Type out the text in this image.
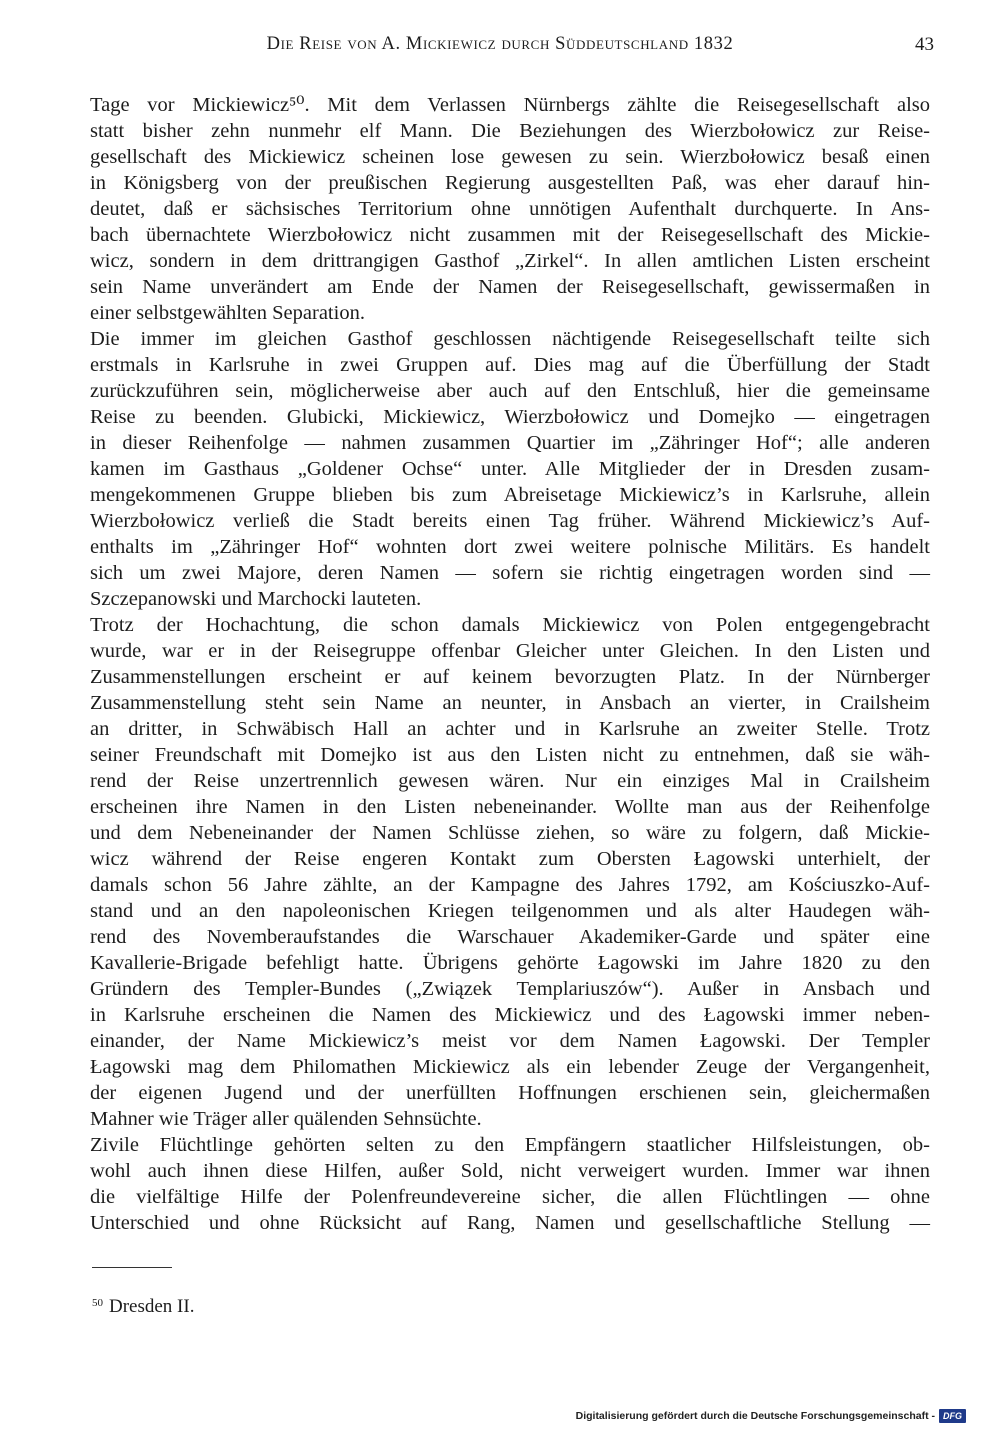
Die Reise von A. Mickiewicz durch Süddeutschland 1832	43
Tage vor Mickiewicz⁵⁰. Mit dem Verlassen Nürnbergs zählte die Reisegesellschaft also
statt bisher zehn nunmehr elf Mann. Die Beziehungen des Wierzbołowicz zur Reise-
gesellschaft des Mickiewicz scheinen lose gewesen zu sein. Wierzbołowicz besaß einen
in Königsberg von der preußischen Regierung ausgestellten Paß, was eher darauf hin-
deutet, daß er sächsisches Territorium ohne unnötigen Aufenthalt durchquerte. In Ans-
bach übernachtete Wierzbołowicz nicht zusammen mit der Reisegesellschaft des Mickie-
wicz, sondern in dem drittrangigen Gasthof „Zirkel“. In allen amtlichen Listen erscheint
sein Name unverändert am Ende der Namen der Reisegesellschaft, gewissermaßen in
einer selbstgewählten Separation.
Die immer im gleichen Gasthof geschlossen nächtigende Reisegesellschaft teilte sich
erstmals in Karlsruhe in zwei Gruppen auf. Dies mag auf die Überfüllung der Stadt
zurückzuführen sein, möglicherweise aber auch auf den Entschluß, hier die gemeinsame
Reise zu beenden. Glubicki, Mickiewicz, Wierzbołowicz und Domejko — eingetragen
in dieser Reihenfolge — nahmen zusammen Quartier im „Zähringer Hof“; alle anderen
kamen im Gasthaus „Goldener Ochse“ unter. Alle Mitglieder der in Dresden zusam-
mengekommenen Gruppe blieben bis zum Abreisetage Mickiewicz’s in Karlsruhe, allein
Wierzbołowicz verließ die Stadt bereits einen Tag früher. Während Mickiewicz’s Auf-
enthalts im „Zähringer Hof“ wohnten dort zwei weitere polnische Militärs. Es handelt
sich um zwei Majore, deren Namen — sofern sie richtig eingetragen worden sind —
Szczepanowski und Marchocki lauteten.
Trotz der Hochachtung, die schon damals Mickiewicz von Polen entgegengebracht
wurde, war er in der Reisegruppe offenbar Gleicher unter Gleichen. In den Listen und
Zusammenstellungen erscheint er auf keinem bevorzugten Platz. In der Nürnberger
Zusammenstellung steht sein Name an neunter, in Ansbach an vierter, in Crailsheim
an dritter, in Schwäbisch Hall an achter und in Karlsruhe an zweiter Stelle. Trotz
seiner Freundschaft mit Domejko ist aus den Listen nicht zu entnehmen, daß sie wäh-
rend der Reise unzertrennlich gewesen wären. Nur ein einziges Mal in Crailsheim
erscheinen ihre Namen in den Listen nebeneinander. Wollte man aus der Reihenfolge
und dem Nebeneinander der Namen Schlüsse ziehen, so wäre zu folgern, daß Mickie-
wicz während der Reise engeren Kontakt zum Obersten Łagowski unterhielt, der
damals schon 56 Jahre zählte, an der Kampagne des Jahres 1792, am Kościuszko-Auf-
stand und an den napoleonischen Kriegen teilgenommen und als alter Haudegen wäh-
rend des Novemberaufstandes die Warschauer Akademiker-Garde und später eine
Kavallerie-Brigade befehligt hatte. Übrigens gehörte Łagowski im Jahre 1820 zu den
Gründern des Templer-Bundes („Związek Templariuszów“). Außer in Ansbach und
in Karlsruhe erscheinen die Namen des Mickiewicz und des Łagowski immer neben-
einander, der Name Mickiewicz’s meist vor dem Namen Łagowski. Der Templer
Łagowski mag dem Philomathen Mickiewicz als ein lebender Zeuge der Vergangenheit,
der eigenen Jugend und der unerfüllten Hoffnungen erschienen sein, gleichermaßen
Mahner wie Träger aller quälenden Sehnsüchte.
Zivile Flüchtlinge gehörten selten zu den Empfängern staatlicher Hilfsleistungen, ob-
wohl auch ihnen diese Hilfen, außer Sold, nicht verweigert wurden. Immer war ihnen
die vielfältige Hilfe der Polenfreundevereine sicher, die allen Flüchtlingen — ohne
Unterschied und ohne Rücksicht auf Rang, Namen und gesellschaftliche Stellung —
$^{50}$ Dresden II.
Digitalisierung gefördert durch die Deutsche Forschungsgemeinschaft - DFG
